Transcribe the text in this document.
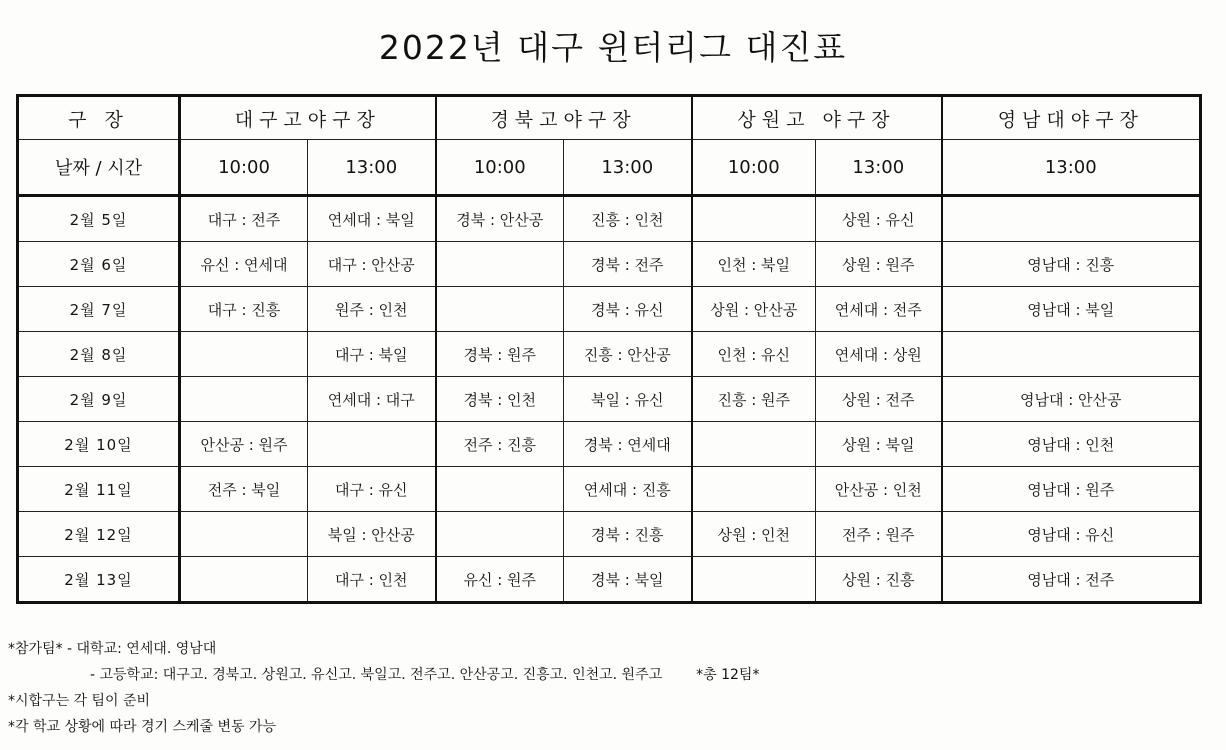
2022년 대구 윈터리그 대진표
구 장	대구고야구장		경북고야구장		상원고 야구장		영남대야구장
날짜 / 시간	10:00	13:00	10:00	13:00	10:00	13:00	13:00
2월 5일	대구 : 전주	연세대 : 북일	경북 : 안산공	진흥 : 인천		상원 : 유신	
2월 6일	유신 : 연세대	대구 : 안산공		경북 : 전주	인천 : 북일	상원 : 원주	영남대 : 진흥
2월 7일	대구 : 진흥	원주 : 인천		경북 : 유신	상원 : 안산공	연세대 : 전주	영남대 : 북일
2월 8일		대구 : 북일	경북 : 원주	진흥 : 안산공	인천 : 유신	연세대 : 상원	
2월 9일		연세대 : 대구	경북 : 인천	북일 : 유신	진흥 : 원주	상원 : 전주	영남대 : 안산공
2월 10일	안산공 : 원주		전주 : 진흥	경북 : 연세대		상원 : 북일	영남대 : 인천
2월 11일	전주 : 북일	대구 : 유신		연세대 : 진흥		안산공 : 인천	영남대 : 원주
2월 12일		북일 : 안산공		경북 : 진흥	상원 : 인천	전주 : 원주	영남대 : 유신
2월 13일		대구 : 인천	유신 : 원주	경북 : 북일		상원 : 진흥	영남대 : 전주
*참가팀* - 대학교: 연세대. 영남대
- 고등학교: 대구고. 경북고. 상원고. 유신고. 북일고. 전주고. 안산공고. 진흥고. 인천고. 원주고 *총 12팀*
*시합구는 각 팀이 준비
*각 학교 상황에 따라 경기 스케줄 변동 가능
